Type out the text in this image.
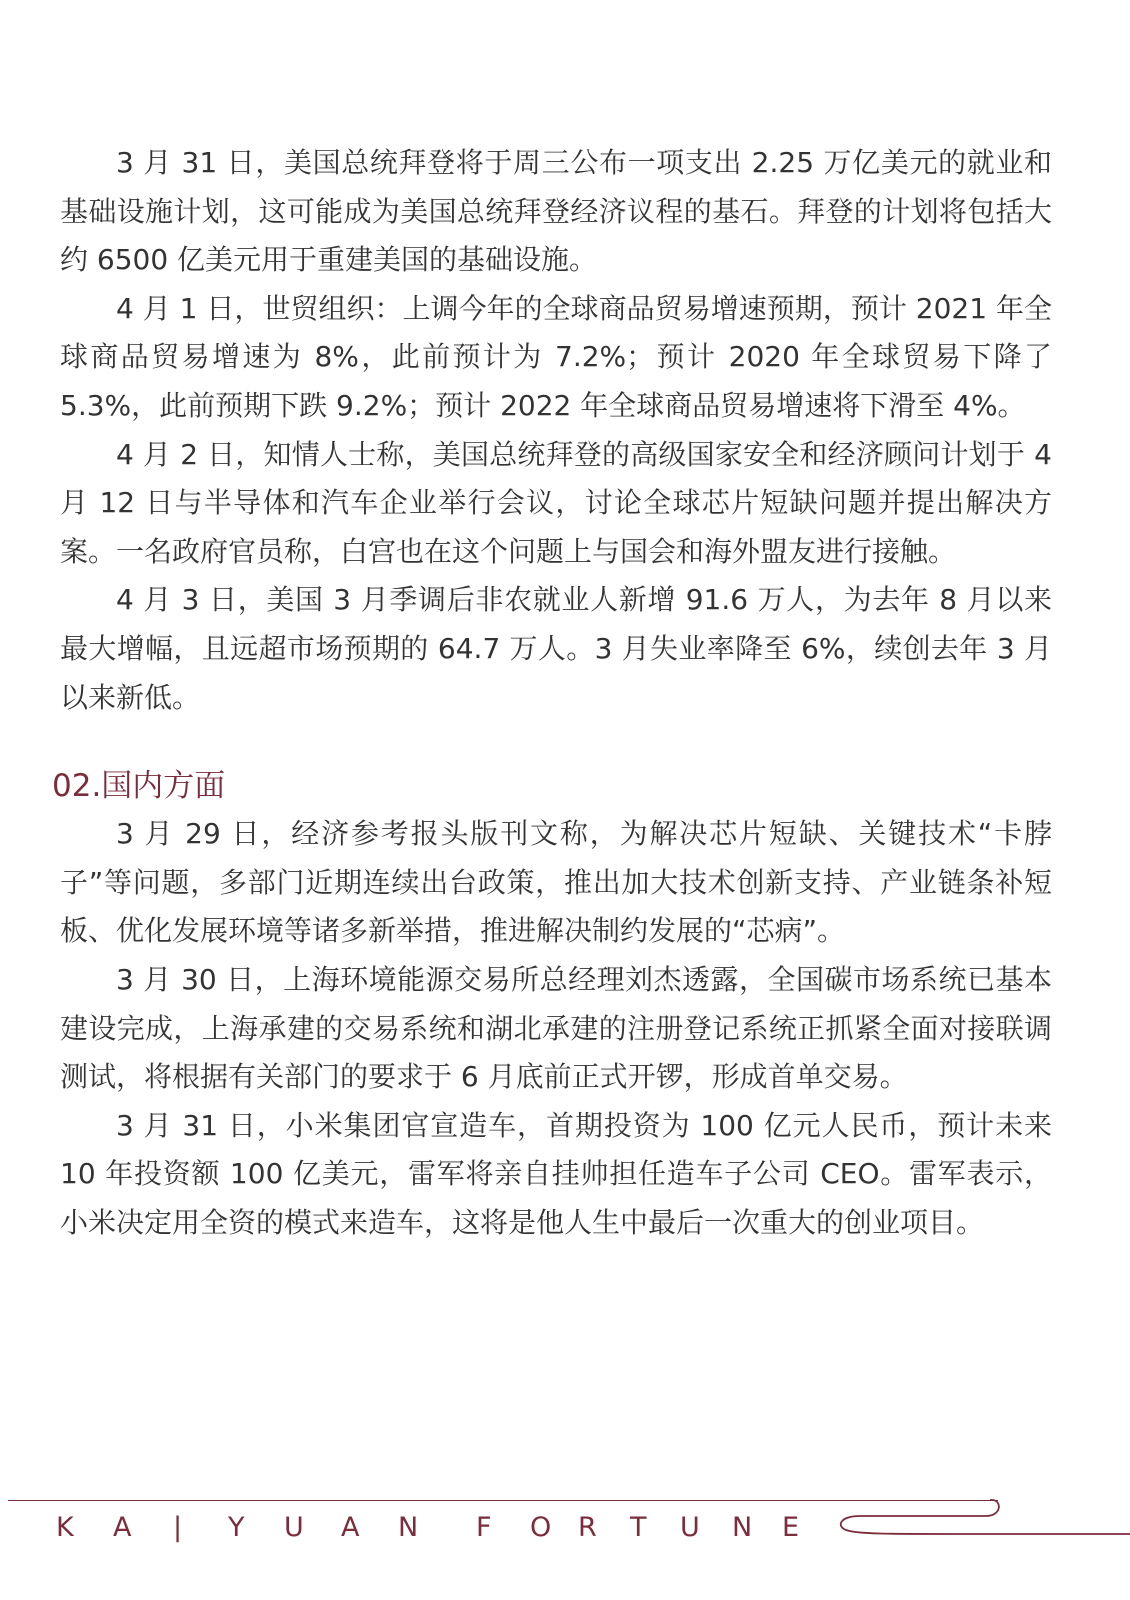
3 月 31 日，美国总统拜登将于周三公布一项支出 2.25 万亿美元的就业和基础设施计划，这可能成为美国总统拜登经济议程的基石。拜登的计划将包括大约 6500 亿美元用于重建美国的基础设施。

4 月 1 日，世贸组织：上调今年的全球商品贸易增速预期，预计 2021 年全球商品贸易增速为 8%，此前预计为 7.2%；预计 2020 年全球贸易下降了 5.3%，此前预期下跌 9.2%；预计 2022 年全球商品贸易增速将下滑至 4%。

4 月 2 日，知情人士称，美国总统拜登的高级国家安全和经济顾问计划于 4 月 12 日与半导体和汽车企业举行会议，讨论全球芯片短缺问题并提出解决方案。一名政府官员称，白宫也在这个问题上与国会和海外盟友进行接触。

4 月 3 日，美国 3 月季调后非农就业人新增 91.6 万人，为去年 8 月以来最大增幅，且远超市场预期的 64.7 万人。3 月失业率降至 6%，续创去年 3 月以来新低。

02.国内方面

3 月 29 日，经济参考报头版刊文称，为解决芯片短缺、关键技术“卡脖子”等问题，多部门近期连续出台政策，推出加大技术创新支持、产业链条补短板、优化发展环境等诸多新举措，推进解决制约发展的“芯病”。

3 月 30 日，上海环境能源交易所总经理刘杰透露，全国碳市场系统已基本建设完成，上海承建的交易系统和湖北承建的注册登记系统正抓紧全面对接联调测试，将根据有关部门的要求于 6 月底前正式开锣，形成首单交易。

3 月 31 日，小米集团官宣造车，首期投资为 100 亿元人民币，预计未来 10 年投资额 100 亿美元，雷军将亲自挂帅担任造车子公司 CEO。雷军表示，小米决定用全资的模式来造车，这将是他人生中最后一次重大的创业项目。

K A | Y U A N F O R T U N E
